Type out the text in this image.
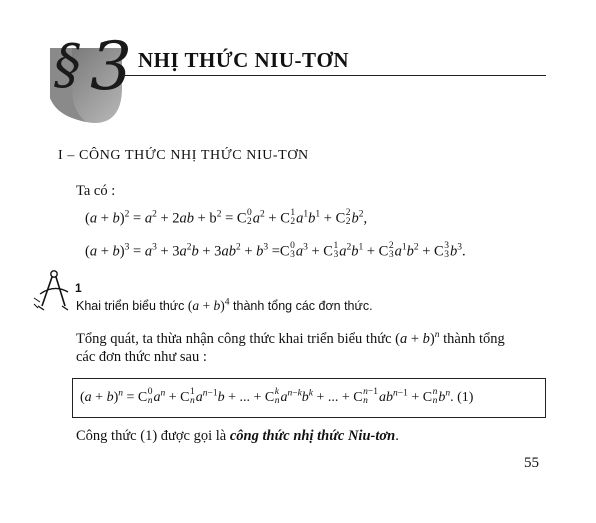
§ 3 NHỊ THỨC NIU-TƠN
I – CÔNG THỨC NHỊ THỨC NIU-TƠN
Ta có :
$(a + b)^2 = a^2 + 2ab + b^2 = C$ 0
2 $a^2 + C$ 1
2 $a^1b^1 + C$ 2
2 $b^2$,
$(a + b)^3 = a^3 + 3a^2b + 3ab^2 + b^3 =C$ 0
3 $a^3 + C$ 1
3 $a^2b^1 + C$ 2
3 $a^1b^2 + C$ 3
3 $b^3$.
1
Khai triển biểu thức $(a + b)^4$ thành tổng các đơn thức.
Tổng quát, ta thừa nhận công thức khai triển biểu thức $(a + b)^n$ thành tổng
các đơn thức như sau :
$(a + b)^n = C$ 0
n $a^n + C$ 1
n $a^{n-1}b$ + ... + C k
n $a^{n-k}b^k$ + ... + C n−1
n $ab^{n-1} + C$ n
n $b^n$. (1)
Công thức (1) được gọi là công thức nhị thức Niu-tơn.
55
